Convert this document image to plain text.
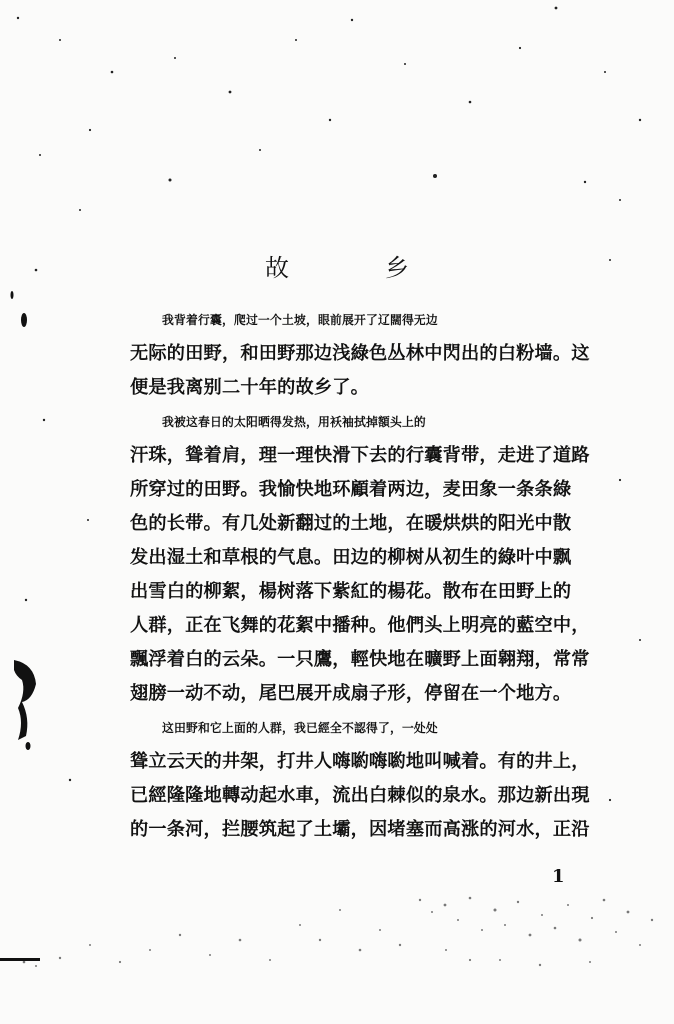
故　乡
我背着行囊，爬过一个土坡，眼前展开了辽闊得无边
无际的田野，和田野那边浅綠色丛林中閃出的白粉墙。这
便是我离别二十年的故乡了。
我被这春日的太阳晒得发热，用袄袖拭掉額头上的
汗珠，聳着肩，理一理快滑下去的行囊背带，走进了道路
所穿过的田野。我愉快地环顧着两边，麦田象一条条綠
色的长带。有几处新翻过的土地，在暖烘烘的阳光中散
发出湿土和草根的气息。田边的柳树从初生的綠叶中飘
出雪白的柳絮，楊树落下紫紅的楊花。散布在田野上的
人群，正在飞舞的花絮中播种。他們头上明亮的藍空中，
飄浮着白的云朵。一只鷹，輕快地在曠野上面翱翔，常常
翅膀一动不动，尾巴展开成扇子形，停留在一个地方。
这田野和它上面的人群，我已經全不認得了，一处处
聳立云天的井架，打井人嗨喲嗨喲地叫喊着。有的井上，
已經隆隆地轉动起水車，流出白棘似的泉水。那边新出現
的一条河，拦腰筑起了土壩，因堵塞而高涨的河水，正沿
1
